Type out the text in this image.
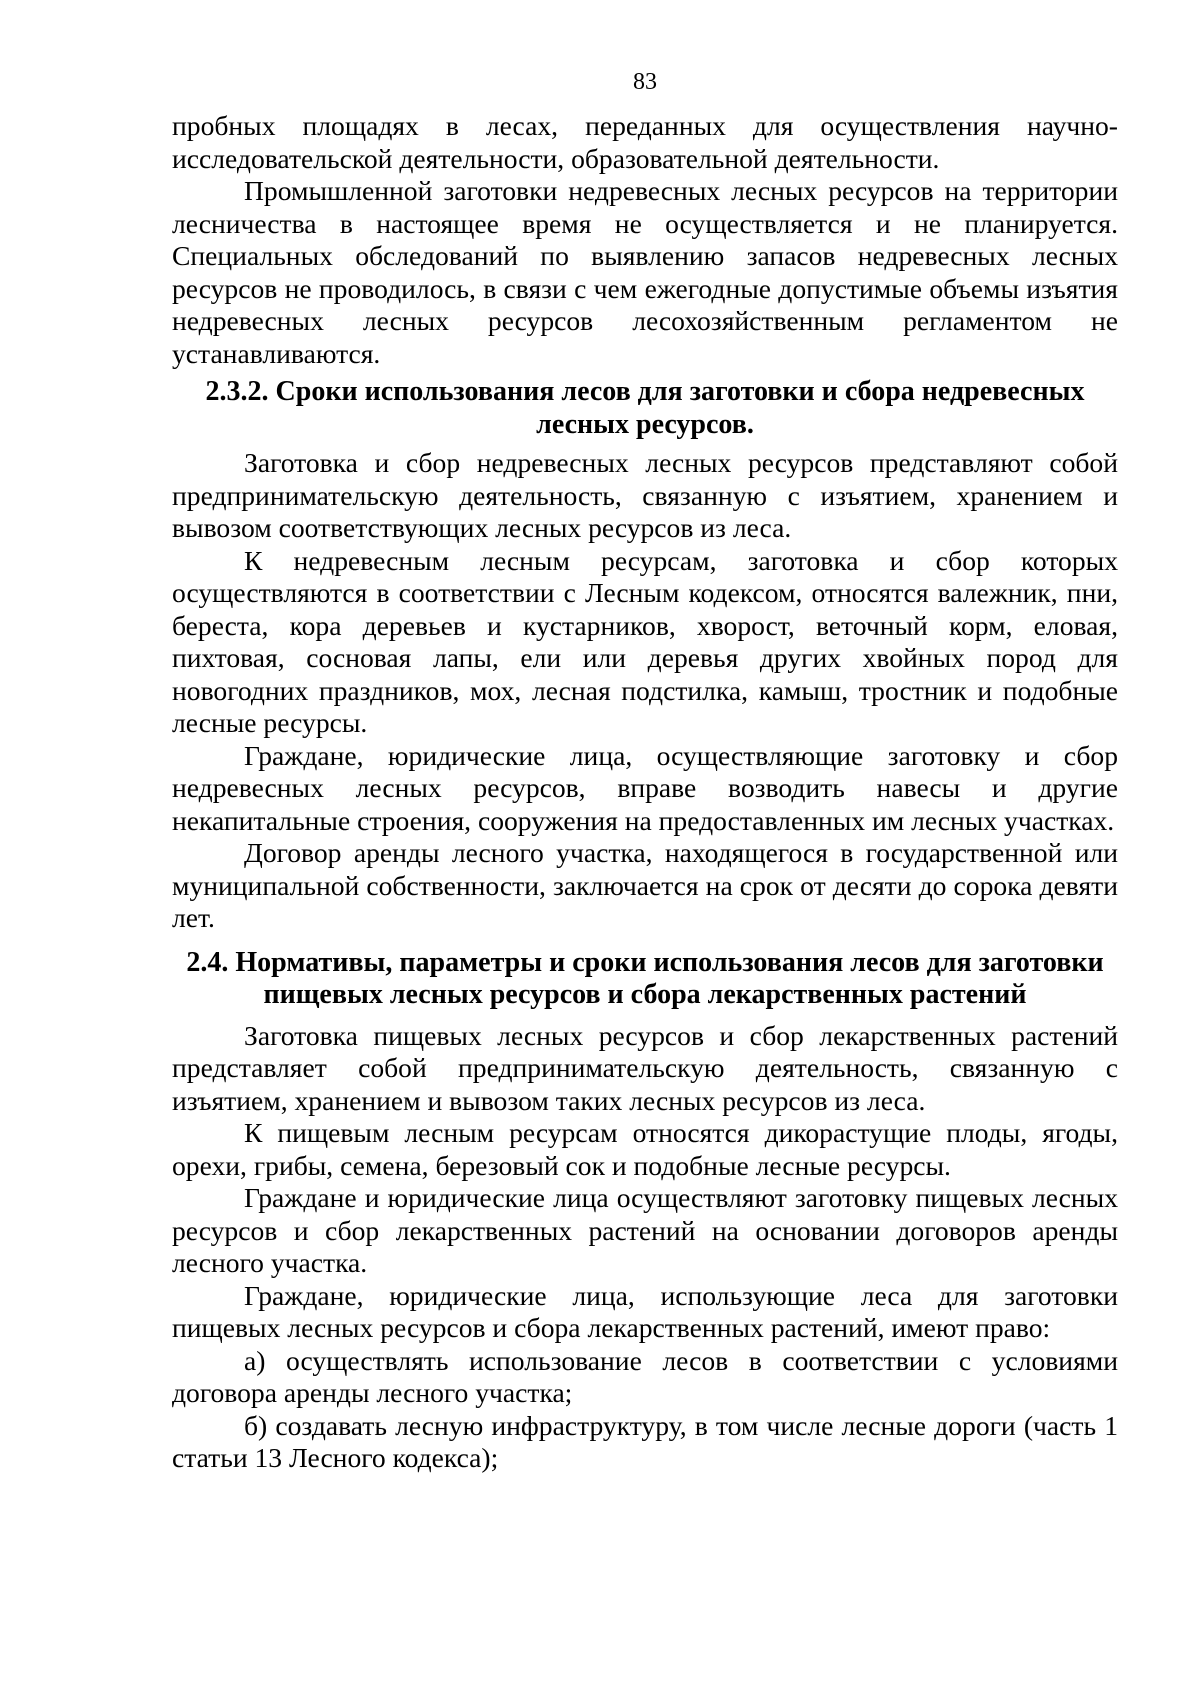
83

пробных площадях в лесах, переданных для осуществления научно-исследовательской деятельности, образовательной деятельности.

Промышленной заготовки недревесных лесных ресурсов на территории лесничества в настоящее время не осуществляется и не планируется. Специальных обследований по выявлению запасов недревесных лесных ресурсов не проводилось, в связи с чем ежегодные допустимые объемы изъятия недревесных лесных ресурсов лесохозяйственным регламентом не устанавливаются.

2.3.2. Сроки использования лесов для заготовки и сбора недревесных лесных ресурсов.

Заготовка и сбор недревесных лесных ресурсов представляют собой предпринимательскую деятельность, связанную с изъятием, хранением и вывозом соответствующих лесных ресурсов из леса.

К недревесным лесным ресурсам, заготовка и сбор которых осуществляются в соответствии с Лесным кодексом, относятся валежник, пни, береста, кора деревьев и кустарников, хворост, веточный корм, еловая, пихтовая, сосновая лапы, ели или деревья других хвойных пород для новогодних праздников, мох, лесная подстилка, камыш, тростник и подобные лесные ресурсы.

Граждане, юридические лица, осуществляющие заготовку и сбор недревесных лесных ресурсов, вправе возводить навесы и другие некапитальные строения, сооружения на предоставленных им лесных участках.

Договор аренды лесного участка, находящегося в государственной или муниципальной собственности, заключается на срок от десяти до сорока девяти лет.

2.4. Нормативы, параметры и сроки использования лесов для заготовки пищевых лесных ресурсов и сбора лекарственных растений

Заготовка пищевых лесных ресурсов и сбор лекарственных растений представляет собой предпринимательскую деятельность, связанную с изъятием, хранением и вывозом таких лесных ресурсов из леса.

К пищевым лесным ресурсам относятся дикорастущие плоды, ягоды, орехи, грибы, семена, березовый сок и подобные лесные ресурсы.

Граждане и юридические лица осуществляют заготовку пищевых лесных ресурсов и сбор лекарственных растений на основании договоров аренды лесного участка.

Граждане, юридические лица, использующие леса для заготовки пищевых лесных ресурсов и сбора лекарственных растений, имеют право:

а) осуществлять использование лесов в соответствии с условиями договора аренды лесного участка;

б) создавать лесную инфраструктуру, в том числе лесные дороги (часть 1 статьи 13 Лесного кодекса);
